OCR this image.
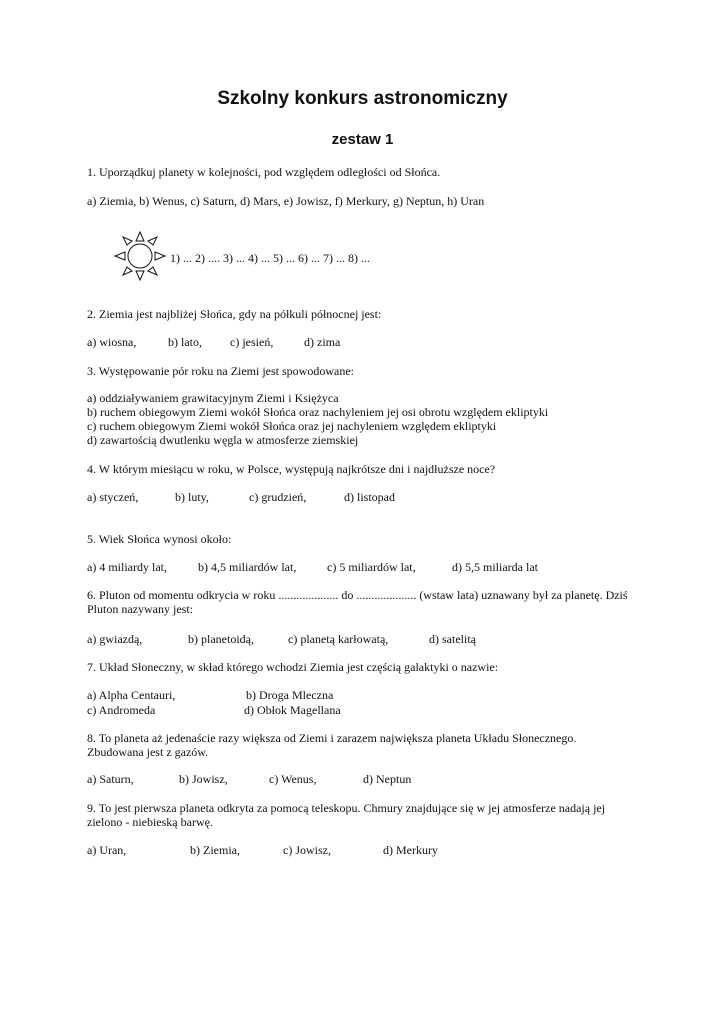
Szkolny konkurs astronomiczny
zestaw 1
1. Uporządkuj planety w kolejności, pod względem odległości od Słońca.
a) Ziemia, b) Wenus, c) Saturn, d) Mars, e) Jowisz, f) Merkury, g) Neptun, h) Uran
1) ... 2) .... 3) ... 4) ... 5) ... 6) ... 7) ... 8) ...
2. Ziemia jest najbliżej Słońca, gdy na półkuli północnej jest:
a) wiosna,	b) lato, c) jesień,	d) zima
3. Występowanie pór roku na Ziemi jest spowodowane:
a) oddziaływaniem grawitacyjnym Ziemi i Księżyca
b) ruchem obiegowym Ziemi wokół Słońca oraz nachyleniem jej osi obrotu względem ekliptyki
c) ruchem obiegowym Ziemi wokół Słońca oraz jej nachyleniem względem ekliptyki
d) zawartością dwutlenku węgla w atmosferze ziemskiej
4. W którym miesiącu w roku, w Polsce, występują najkrótsze dni i najdłuższe noce?
a) styczeń,	b) luty,	c) grudzień,	d) listopad
5. Wiek Słońca wynosi około:
a) 4 miliardy lat,	b) 4,5 miliardów lat,	c) 5 miliardów lat,	d) 5,5 miliarda lat
6. Pluton od momentu odkrycia w roku .................... do .................... (wstaw lata) uznawany był za planetę. Dziś Pluton nazywany jest:
a) gwiazdą,	b) planetoidą,	c) planetą karłowatą,	d) satelitą
7. Układ Słoneczny, w skład którego wchodzi Ziemia jest częścią galaktyki o nazwie:
a) Alpha Centauri,	b) Droga Mleczna
c) Andromeda	d) Obłok Magellana
8. To planeta aż jedenaście razy większa od Ziemi i zarazem największa planeta Układu Słonecznego. Zbudowana jest z gazów.
a) Saturn,	b) Jowisz,	c) Wenus,	d) Neptun
9. To jest pierwsza planeta odkryta za pomocą teleskopu. Chmury znajdujące się w jej atmosferze nadają jej zielono - niebieską barwę.
a) Uran,	b) Ziemia,	c) Jowisz,	d) Merkury
